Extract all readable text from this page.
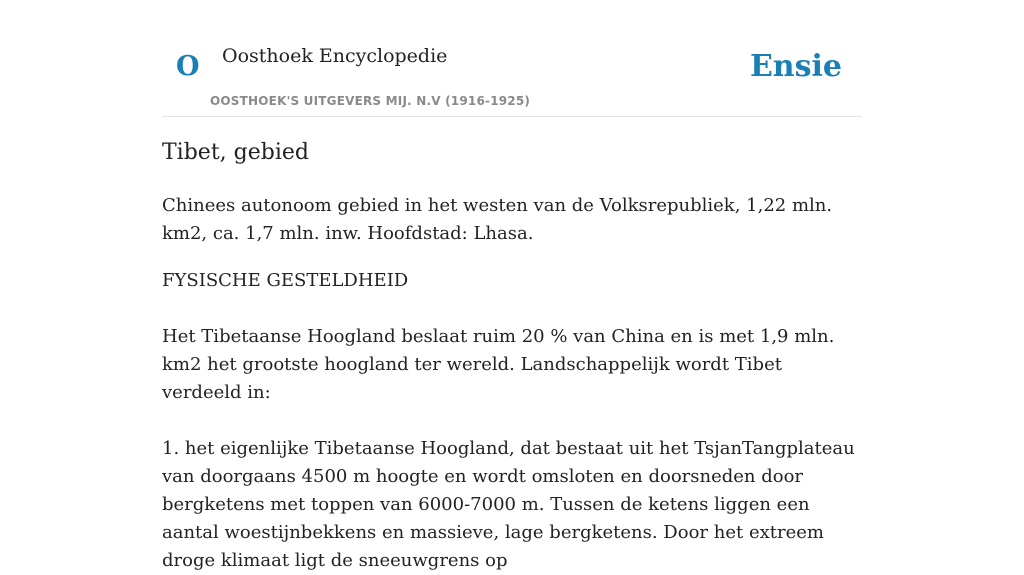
O Oosthoek Encyclopedie
OOSTHOEK'S UITGEVERS MIJ. N.V (1916-1925)
Ensie
Tibet, gebied

Chinees autonoom gebied in het westen van de Volksrepubliek, 1,22 mln. km2, ca. 1,7 mln. inw. Hoofdstad: Lhasa.

FYSISCHE GESTELDHEID

Het Tibetaanse Hoogland beslaat ruim 20 % van China en is met 1,9 mln. km2 het grootste hoogland ter wereld. Landschappelijk wordt Tibet verdeeld in:

1. het eigenlijke Tibetaanse Hoogland, dat bestaat uit het TsjanTangplateau van doorgaans 4500 m hoogte en wordt omsloten en doorsneden door bergketens met toppen van 6000-7000 m. Tussen de ketens liggen een aantal woestijnbekkens en massieve, lage bergketens. Door het extreem droge klimaat ligt de sneeuwgrens op
